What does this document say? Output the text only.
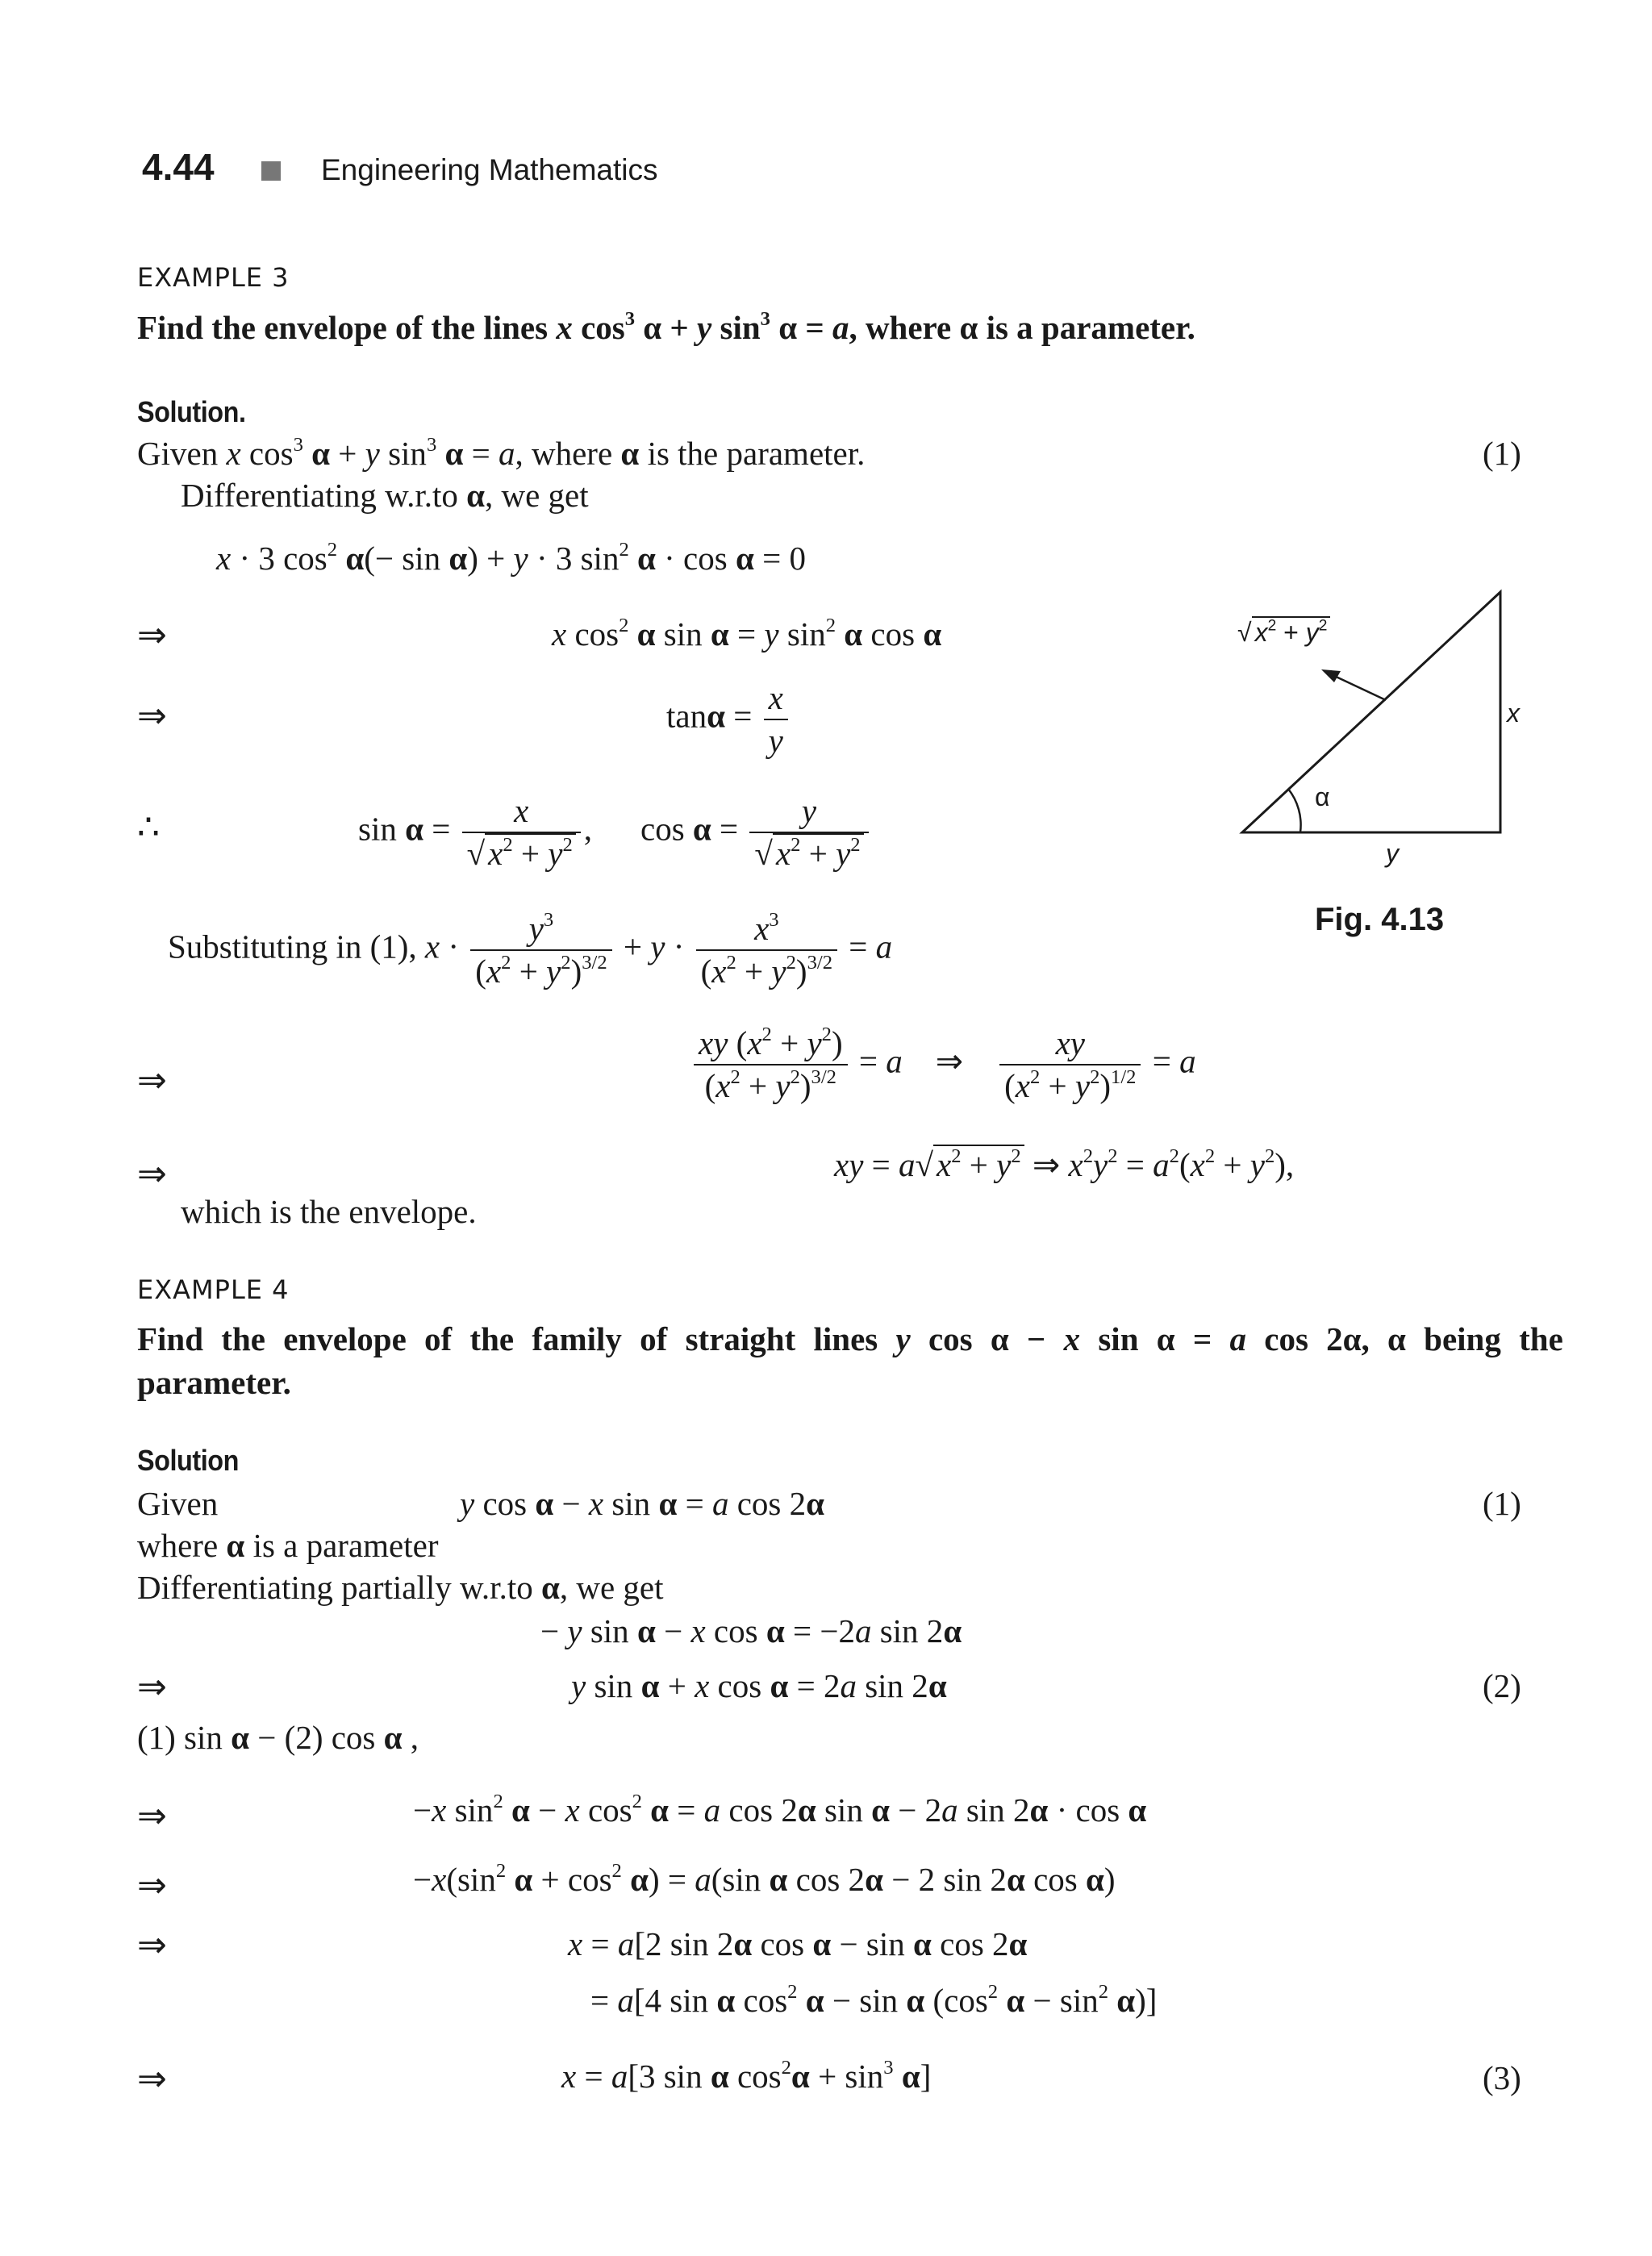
4.44	Engineering Mathematics
EXAMPLE 3
Find the envelope of the lines x $\cos^3 \alpha + y$ $\sin^3 \alpha = a$, where α is a parameter.
Solution.
Given x $\cos^3 \alpha + y$ $\sin^3 \alpha = a$, where α is the parameter.	(1)
Differentiating w.r.to α, we get
x · 3 $\cos^2 \alpha(- \sin \alpha) + y \cdot 3$ $\sin^2 \alpha \cdot \cos \alpha = 0$
⇒	x $\cos^2 \alpha$ sin α = y $\sin^2 \alpha$ cos α
⇒	$\tan\alpha = \frac{x}{y}$
∴	$\sin \alpha = \frac{x}{√x^2 + y^2}$ , $\cos \alpha = \frac{y}{√x^2 + y^2}$
Substituting in (1), $x \cdot \frac{y^3}{(x^2 + y^2)^{3/2}} + y \cdot \frac{x^3}{(x^2 + y^2)^{3/2}} = a$
⇒	$\frac{xy (x^2 + y^2)}{(x^2 + y^2)^{3/2}} = a$    ⇒ $\frac{xy}{(x^2 + y^2)^{1/2}} = a$
⇒	xy = $a√x^2 + y^2$ ⇒ $x^2y^2 = a^2(x^2 + y^2)$,
which is the envelope.
√ $x^2 + y^2$
x
y
α
Fig. 4.13
EXAMPLE 4
Find the envelope of the family of straight lines y cos α − x sin α = a cos 2α, α being the
parameter.
Solution
Given	y cos α − x sin α = a cos 2α	(1)
where α is a parameter
Differentiating partially w.r.to α, we get
− y sin α − x cos α = −2a sin 2α
⇒	y sin α + x cos α = 2a sin 2α	(2)
(1) sin α − (2) cos α ,
⇒	−x $\sin^2 \alpha - x$ $\cos^2 \alpha = a$ cos 2α sin α − 2a sin 2α · cos α
⇒	$-x(\sin^2$ $\alpha + \cos^2 \alpha) = a(\sin$ α cos 2α − 2 sin 2α cos α)
⇒	x = a[2 sin 2α cos α − sin α cos 2α
= a[4 sin α $\cos^2 \alpha - \sin \alpha$ ($\cos^2$ $\alpha - \sin^2 \alpha$)]
⇒	x = a[3 sin α $\cos^2\alpha + \sin^3 \alpha$]	(3)
